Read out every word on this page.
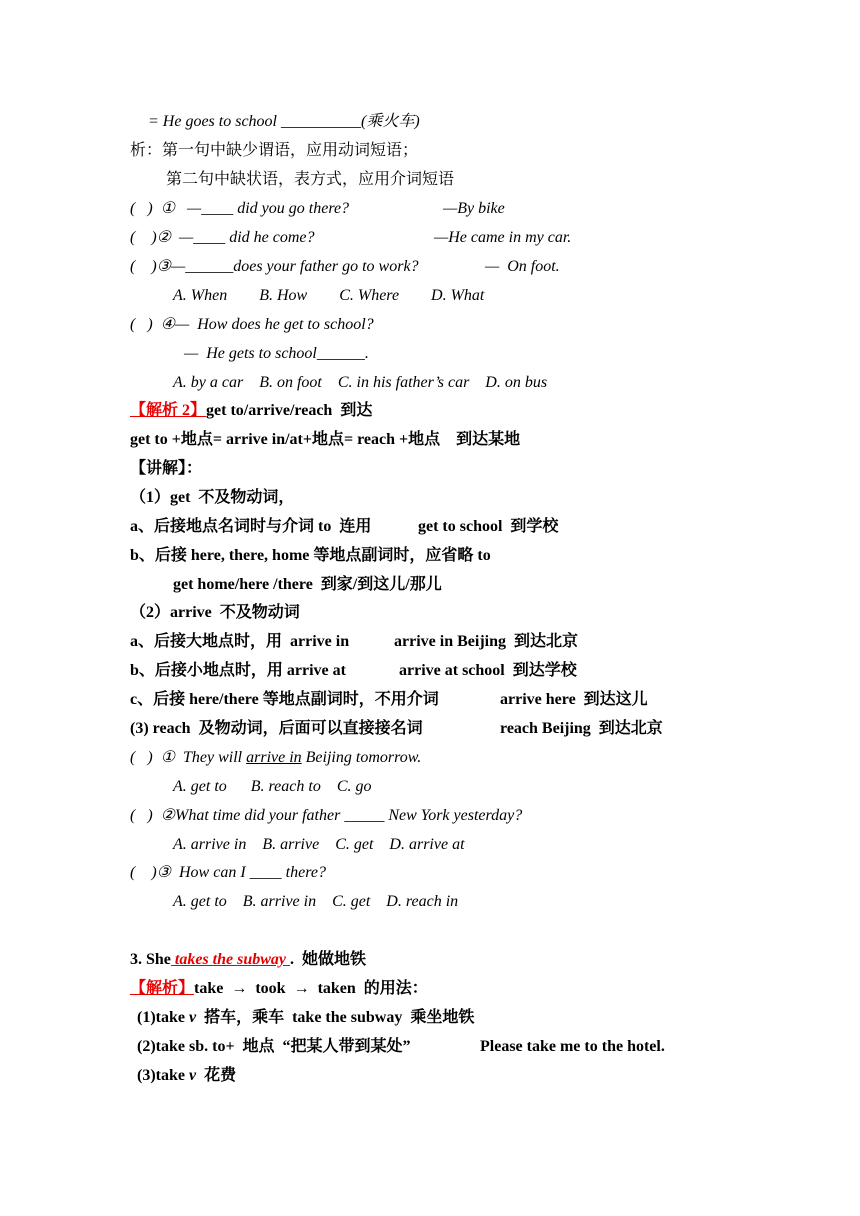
= He goes to school __________(乘火车)
析：第一句中缺少谓语，应用动词短语；
第二句中缺状语，表方式，应用介词短语
(   )  ①   —____ did you go there?	—By bike
(    )②  —____ did he come?	—He came in my car.
(    )③—______does your father go to work?	—  On foot.
A. When        B. How        C. Where        D. What
(   )  ④—  How does he get to school?
—  He gets to school______.
A. by a car    B. on foot    C. in his father’s car    D. on bus
【解析 2】get to/arrive/reach  到达
get to +地点= arrive in/at+地点= reach +地点    到达某地
【讲解】：
（1）get  不及物动词，
a、后接地点名词时与介词 to  连用	get to school  到学校
b、后接 here, there, home 等地点副词时，应省略 to
get home/here /there  到家/到这儿/那儿
（2）arrive  不及物动词
a、后接大地点时，用  arrive in	arrive in Beijing  到达北京
b、后接小地点时，用 arrive at	arrive at school  到达学校
c、后接 here/there 等地点副词时，不用介词	arrive here  到达这儿
(3) reach  及物动词，后面可以直接接名词	reach Beijing  到达北京
(   )  ①  They will arrive in Beijing tomorrow.
A. get to      B. reach to    C. go
(   )  ②What time did your father _____ New York yesterday?
A. arrive in    B. arrive    C. get    D. arrive at
(    )③  How can I ____ there?
A. get to    B. arrive in    C. get    D. reach in
3. She takes the subway .  她做地铁
【解析】take  →  took  →  taken  的用法：
(1)take v  搭车，乘车  take the subway  乘坐地铁
(2)take sb. to+  地点  “把某人带到某处”	Please take me to the hotel.
(3)take v  花费
